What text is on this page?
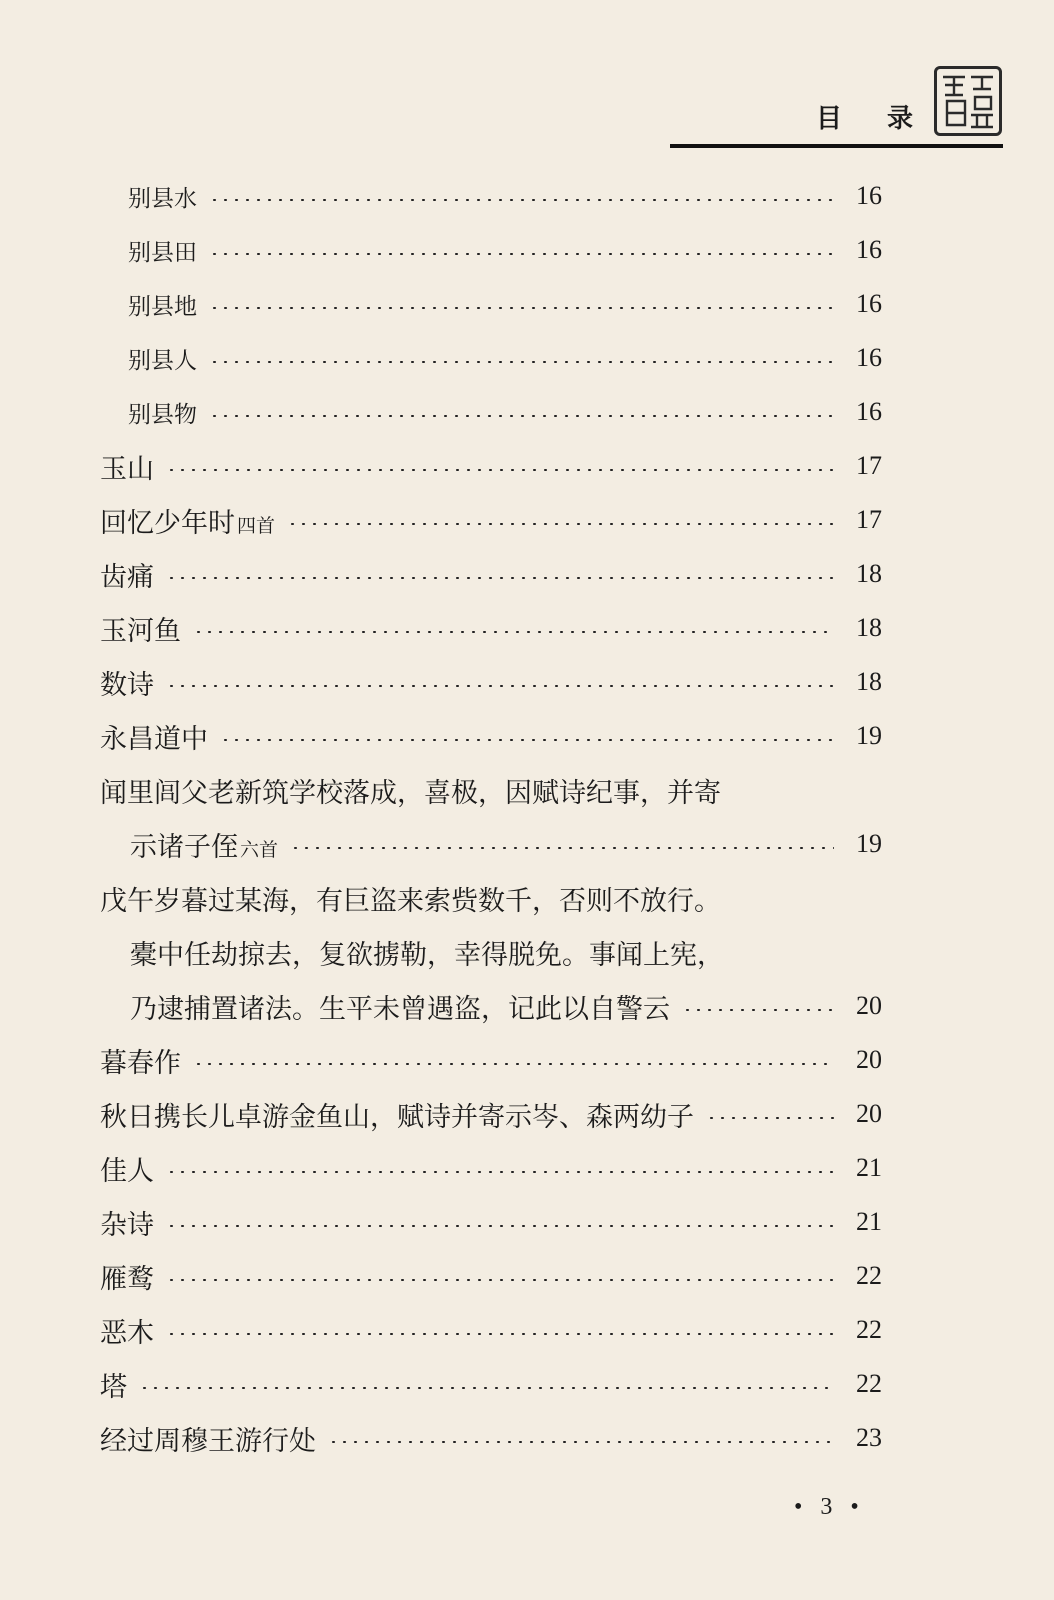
目 录
别县水	16
别县田	16
别县地	16
别县人	16
别县物	16
玉山	17
回忆少年时 四首	17
齿痛	18
玉河鱼	18
数诗	18
永昌道中	19
闻里闾父老新筑学校落成，喜极，因赋诗纪事，并寄
示诸子侄 六首	19
戊午岁暮过某海，有巨盗来索赀数千，否则不放行。
橐中任劫掠去，复欲掳勒，幸得脱免。事闻上宪，
乃逮捕置诸法。生平未曾遇盗，记此以自警云	20
暮春作	20
秋日携长儿卓游金鱼山，赋诗并寄示岑、森两幼子	20
佳人	21
杂诗	21
雁鹜	22
恶木	22
塔	22
经过周穆王游行处	23
• 3 •
